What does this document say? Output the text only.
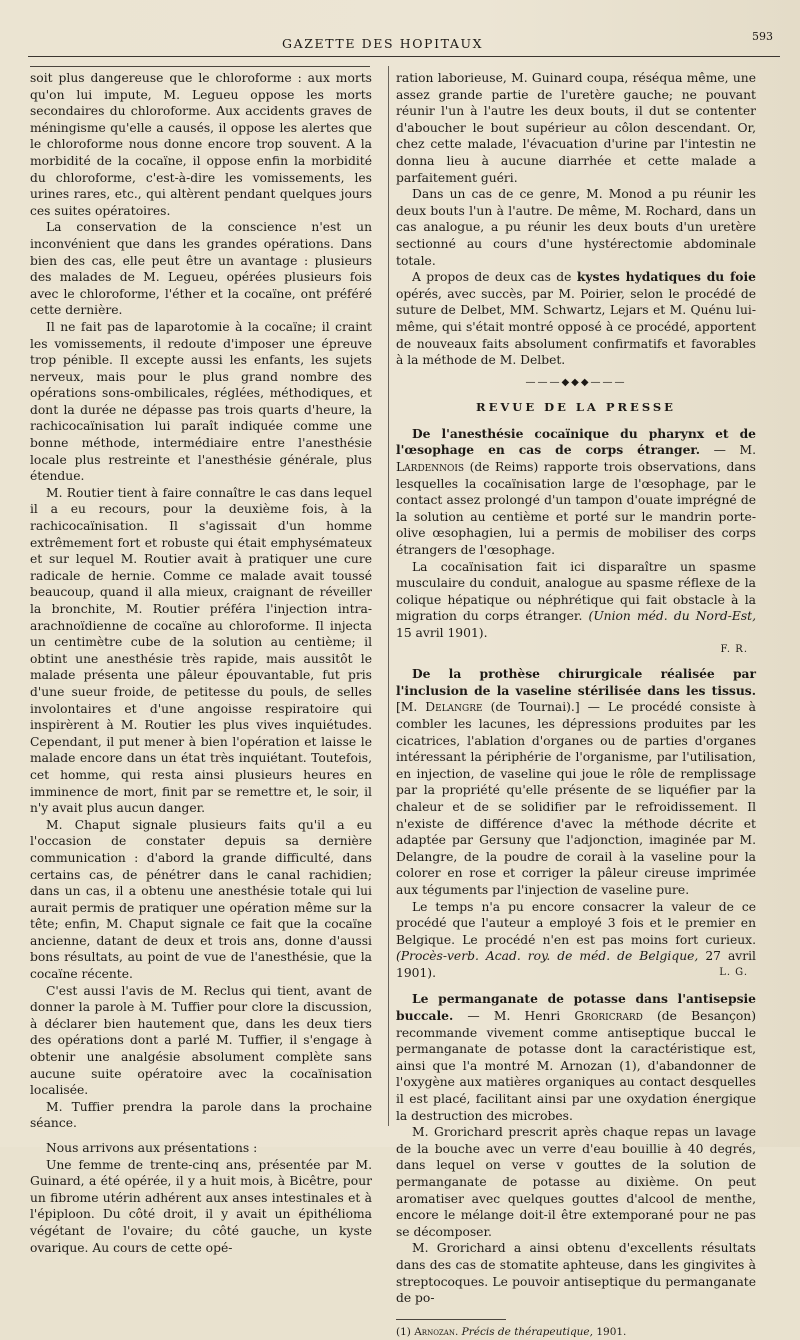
GAZETTE DES HOPITAUX	593

soit plus dangereuse que le chloroforme : aux morts qu'on lui impute, M. Legueu oppose les morts secondaires du chloroforme. Aux accidents graves de méningisme qu'elle a causés, il oppose les alertes que le chloroforme nous donne encore trop souvent. A la morbidité de la cocaïne, il oppose enfin la morbidité du chloroforme, c'est-à-dire les vomissements, les urines rares, etc., qui altèrent pendant quelques jours ces suites opératoires.

La conservation de la conscience n'est un inconvénient que dans les grandes opérations. Dans bien des cas, elle peut être un avantage : plusieurs des malades de M. Legueu, opérées plusieurs fois avec le chloroforme, l'éther et la cocaïne, ont préféré cette dernière.

Il ne fait pas de laparotomie à la cocaïne; il craint les vomissements, il redoute d'imposer une épreuve trop pénible. Il excepte aussi les enfants, les sujets nerveux, mais pour le plus grand nombre des opérations sons-ombilicales, réglées, méthodiques, et dont la durée ne dépasse pas trois quarts d'heure, la rachicocaïnisation lui paraît indiquée comme une bonne méthode, intermédiaire entre l'anesthésie locale plus restreinte et l'anesthésie générale, plus étendue.

M. Routier tient à faire connaître le cas dans lequel il a eu recours, pour la deuxième fois, à la rachicocaïnisation. Il s'agissait d'un homme extrêmement fort et robuste qui était emphysémateux et sur lequel M. Routier avait à pratiquer une cure radicale de hernie. Comme ce malade avait toussé beaucoup, quand il alla mieux, craignant de réveiller la bronchite, M. Routier préféra l'injection intra-arachnoïdienne de cocaïne au chloroforme. Il injecta un centimètre cube de la solution au centième; il obtint une anesthésie très rapide, mais aussitôt le malade présenta une pâleur épouvantable, fut pris d'une sueur froide, de petitesse du pouls, de selles involontaires et d'une angoisse respiratoire qui inspirèrent à M. Routier les plus vives inquiétudes. Cependant, il put mener à bien l'opération et laisse le malade encore dans un état très inquiétant. Toutefois, cet homme, qui resta ainsi plusieurs heures en imminence de mort, finit par se remettre et, le soir, il n'y avait plus aucun danger.

M. Chaput signale plusieurs faits qu'il a eu l'occasion de constater depuis sa dernière communication : d'abord la grande difficulté, dans certains cas, de pénétrer dans le canal rachidien; dans un cas, il a obtenu une anesthésie totale qui lui aurait permis de pratiquer une opération même sur la tête; enfin, M. Chaput signale ce fait que la cocaïne ancienne, datant de deux et trois ans, donne d'aussi bons résultats, au point de vue de l'anesthésie, que la cocaïne récente.

C'est aussi l'avis de M. Reclus qui tient, avant de donner la parole à M. Tuffier pour clore la discussion, à déclarer bien hautement que, dans les deux tiers des opérations dont a parlé M. Tuffier, il s'engage à obtenir une analgésie absolument complète sans aucune suite opératoire avec la cocaïnisation localisée.

M. Tuffier prendra la parole dans la prochaine séance.

Nous arrivons aux présentations :

Une femme de trente-cinq ans, présentée par M. Guinard, a été opérée, il y a huit mois, à Bicêtre, pour un fibrome utérin adhérent aux anses intestinales et à l'épiploon. Du côté droit, il y avait un épithélioma végétant de l'ovaire; du côté gauche, un kyste ovarique. Au cours de cette opé-

ration laborieuse, M. Guinard coupa, réséqua même, une assez grande partie de l'uretère gauche; ne pouvant réunir l'un à l'autre les deux bouts, il dut se contenter d'aboucher le bout supérieur au côlon descendant. Or, chez cette malade, l'évacuation d'urine par l'intestin ne donna lieu à aucune diarrhée et cette malade a parfaitement guéri.

Dans un cas de ce genre, M. Monod a pu réunir les deux bouts l'un à l'autre. De même, M. Rochard, dans un cas analogue, a pu réunir les deux bouts d'un uretère sectionné au cours d'une hystérectomie abdominale totale.

A propos de deux cas de kystes hydatiques du foie opérés, avec succès, par M. Poirier, selon le procédé de suture de Delbet, MM. Schwartz, Lejars et M. Quénu lui-même, qui s'était montré opposé à ce procédé, apportent de nouveaux faits absolument confirmatifs et favorables à la méthode de M. Delbet.

———◆◆◆———
REVUE DE LA PRESSE

De l'anesthésie cocaïnique du pharynx et de l'œsophage en cas de corps étranger. — M. Lardennois (de Reims) rapporte trois observations, dans lesquelles la cocaïnisation large de l'œsophage, par le contact assez prolongé d'un tampon d'ouate imprégné de la solution au centième et porté sur le mandrin porte-olive œsophagien, lui a permis de mobiliser des corps étrangers de l'œsophage.

La cocaïnisation fait ici disparaître un spasme musculaire du conduit, analogue au spasme réflexe de la colique hépatique ou néphrétique qui fait obstacle à la migration du corps étranger. (Union méd. du Nord-Est, 15 avril 1901).

F. R.

De la prothèse chirurgicale réalisée par l'inclusion de la vaseline stérilisée dans les tissus. [M. Delangre (de Tournai).] — Le procédé consiste à combler les lacunes, les dépressions produites par les cicatrices, l'ablation d'organes ou de parties d'organes intéressant la périphérie de l'organisme, par l'utilisation, en injection, de vaseline qui joue le rôle de remplissage par la propriété qu'elle présente de se liquéfier par la chaleur et de se solidifier par le refroidissement. Il n'existe de différence d'avec la méthode décrite et adaptée par Gersuny que l'adjonction, imaginée par M. Delangre, de la poudre de corail à la vaseline pour la colorer en rose et corriger la pâleur cireuse imprimée aux téguments par l'injection de vaseline pure.

Le temps n'a pu encore consacrer la valeur de ce procédé que l'auteur a employé 3 fois et le premier en Belgique. Le procédé n'en est pas moins fort curieux. (Procès-verb. Acad. roy. de méd. de Belgique, 27 avril 1901).	L. G.

Le permanganate de potasse dans l'antisepsie buccale. — M. Henri Groricrard (de Besançon) recommande vivement comme antiseptique buccal le permanganate de potasse dont la caractéristique est, ainsi que l'a montré M. Arnozan (1), d'abandonner de l'oxygène aux matières organiques au contact desquelles il est placé, facilitant ainsi par une oxydation énergique la destruction des microbes.

M. Grorichard prescrit après chaque repas un lavage de la bouche avec un verre d'eau bouillie à 40 degrés, dans lequel on verse v gouttes de la solution de permanganate de potasse au dixième. On peut aromatiser avec quelques gouttes d'alcool de menthe, encore le mélange doit-il être extemporané pour ne pas se décomposer.

M. Grorichard a ainsi obtenu d'excellents résultats dans des cas de stomatite aphteuse, dans les gingivites à streptocoques. Le pouvoir antiseptique du permanganate de po-

(1) Arnozan. Précis de thérapeutique, 1901.
